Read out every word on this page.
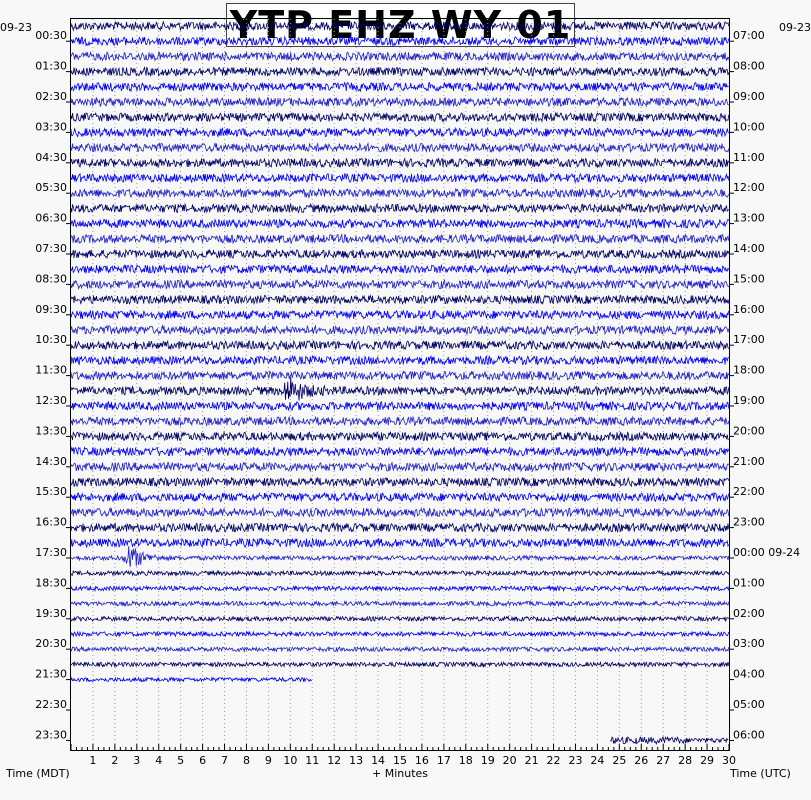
YTP EHZ WY 01
09-23	09-23
Time (MDT)	Time (UTC)
+ Minutes
00:30
01:30
02:30
03:30
04:30
05:30
06:30
07:30
08:30
09:30
10:30
11:30
12:30
13:30
14:30
15:30
16:30
17:30
18:30
19:30
20:30
21:30
22:30
23:30
07:00
08:00
09:00
10:00
11:00
12:00
13:00
14:00
15:00
16:00
17:00
18:00
19:00
20:00
21:00
22:00
23:00
00:00 09-24
01:00
02:00
03:00
04:00
05:00
06:00
1 2 3 4 5 6 7 8 9 10 11 12 13 14 15 16 17 18 19 20 21 22 23 24 25 26 27 28 29 30
